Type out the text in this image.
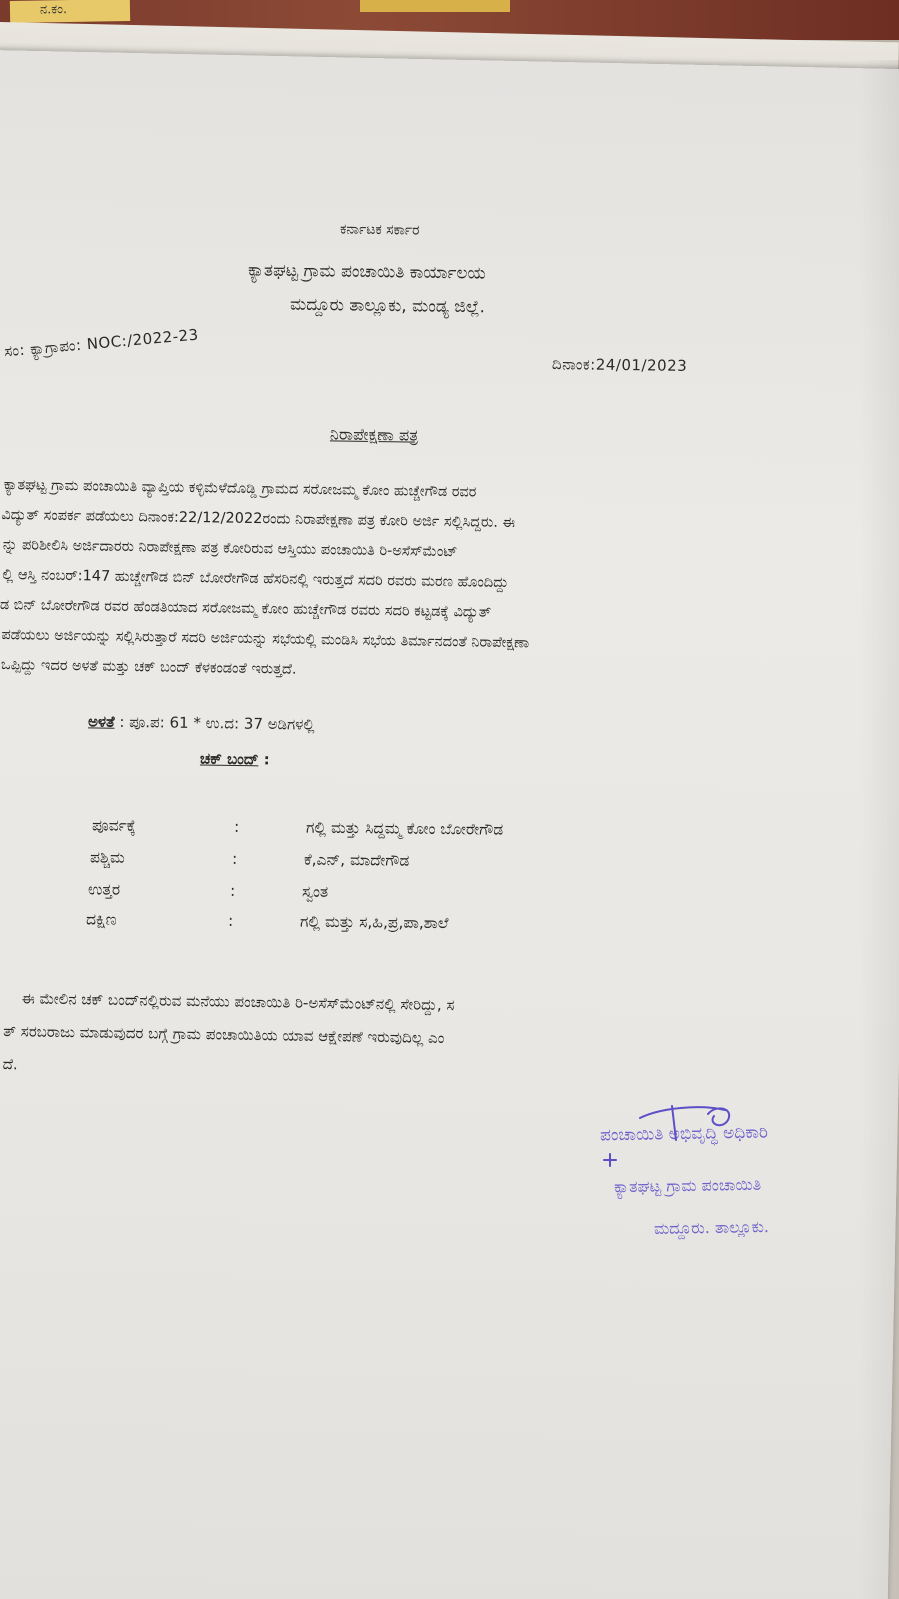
ನ.ಕಂ.
ಕರ್ನಾಟಕ ಸರ್ಕಾರ
ಕ್ಯಾತಘಟ್ಟ ಗ್ರಾಮ ಪಂಚಾಯಿತಿ ಕಾರ್ಯಾಲಯ
ಮದ್ದೂರು ತಾಲ್ಲೂಕು, ಮಂಡ್ಯ ಜಿಲ್ಲೆ.
ಸಂ: ಕ್ಯಾಗ್ರಾಪಂ: NOC:/2022-23
ದಿನಾಂಕ:24/01/2023
ನಿರಾಪೇಕ್ಷಣಾ ಪತ್ರ
ಕ್ಯಾತಘಟ್ಟ ಗ್ರಾಮ ಪಂಚಾಯಿತಿ ವ್ಯಾಪ್ತಿಯ ಕಳ್ಳಿಮೆಳೆದೊಡ್ಡಿ ಗ್ರಾಮದ ಸರೋಜಮ್ಮ ಕೋಂ ಹುಚ್ಚೇಗೌಡ ರವರ
ವಿದ್ಯುತ್ ಸಂಪರ್ಕ ಪಡೆಯಲು ದಿನಾಂಕ:22/12/2022ರಂದು ನಿರಾಪೇಕ್ಷಣಾ ಪತ್ರ ಕೋರಿ ಅರ್ಜಿ ಸಲ್ಲಿಸಿದ್ದರು. ಈ
ನ್ನು ಪರಿಶೀಲಿಸಿ ಅರ್ಜಿದಾರರು ನಿರಾಪೇಕ್ಷಣಾ ಪತ್ರ ಕೋರಿರುವ ಆಸ್ತಿಯು ಪಂಚಾಯಿತಿ ರಿ-ಅಸೆಸ್‌ಮೆಂಟ್
ಲ್ಲಿ ಆಸ್ತಿ ನಂಬರ್:147 ಹುಚ್ಚೇಗೌಡ ಬಿನ್ ಬೋರೇಗೌಡ ಹೆಸರಿನಲ್ಲಿ ಇರುತ್ತದೆ ಸದರಿ ರವರು ಮರಣ ಹೊಂದಿದ್ದು
ಡ ಬಿನ್ ಬೋರೇಗೌಡ ರವರ ಹೆಂಡತಿಯಾದ ಸರೋಜಮ್ಮ ಕೋಂ ಹುಚ್ಚೇಗೌಡ ರವರು ಸದರಿ ಕಟ್ಟಡಕ್ಕೆ ವಿದ್ಯುತ್
ಪಡೆಯಲು ಅರ್ಜಿಯನ್ನು ಸಲ್ಲಿಸಿರುತ್ತಾರೆ ಸದರಿ ಅರ್ಜಿಯನ್ನು ಸಭೆಯಲ್ಲಿ ಮಂಡಿಸಿ ಸಭೆಯ ತಿರ್ಮಾನದಂತೆ ನಿರಾಪೇಕ್ಷಣಾ
ಒಪ್ಪಿದ್ದು ಇದರ ಅಳತೆ ಮತ್ತು ಚಕ್ ಬಂದ್ ಕೆಳಕಂಡಂತೆ ಇರುತ್ತದೆ.
ಅಳತೆ : ಪೂ.ಪ: 61 * ಉ.ದ: 37 ಅಡಿಗಳಲ್ಲಿ
ಚಕ್ ಬಂದ್ :
ಪೂರ್ವಕ್ಕೆ	:	ಗಲ್ಲಿ ಮತ್ತು ಸಿದ್ದಮ್ಮ ಕೋಂ ಬೋರೇಗೌಡ
ಪಶ್ಚಿಮ	:	ಕೆ,ಎನ್, ಮಾದೇಗೌಡ
ಉತ್ತರ	:	ಸ್ವಂತ
ದಕ್ಷಿಣ	:	ಗಲ್ಲಿ ಮತ್ತು ಸ,ಹಿ,ಪ್ರ,ಪಾ,ಶಾಲೆ
ಈ ಮೇಲಿನ ಚಕ್ ಬಂದ್‌ನಲ್ಲಿರುವ ಮನೆಯು ಪಂಚಾಯಿತಿ ರಿ-ಅಸೆಸ್‌ಮೆಂಟ್‌ನಲ್ಲಿ ಸೇರಿದ್ದು, ಸ
ತ್ ಸರಬರಾಜು ಮಾಡುವುದರ ಬಗ್ಗೆ ಗ್ರಾಮ ಪಂಚಾಯಿತಿಯ ಯಾವ ಆಕ್ಷೇಪಣೆ ಇರುವುದಿಲ್ಲ ಎಂ
ದೆ.
ಪಂಚಾಯಿತಿ ಅಭಿವೃದ್ಧಿ ಅಧಿಕಾರಿ
ಕ್ಯಾತಘಟ್ಟ ಗ್ರಾಮ ಪಂಚಾಯಿತಿ
ಮದ್ದೂರು. ತಾಲ್ಲೂಕು.
